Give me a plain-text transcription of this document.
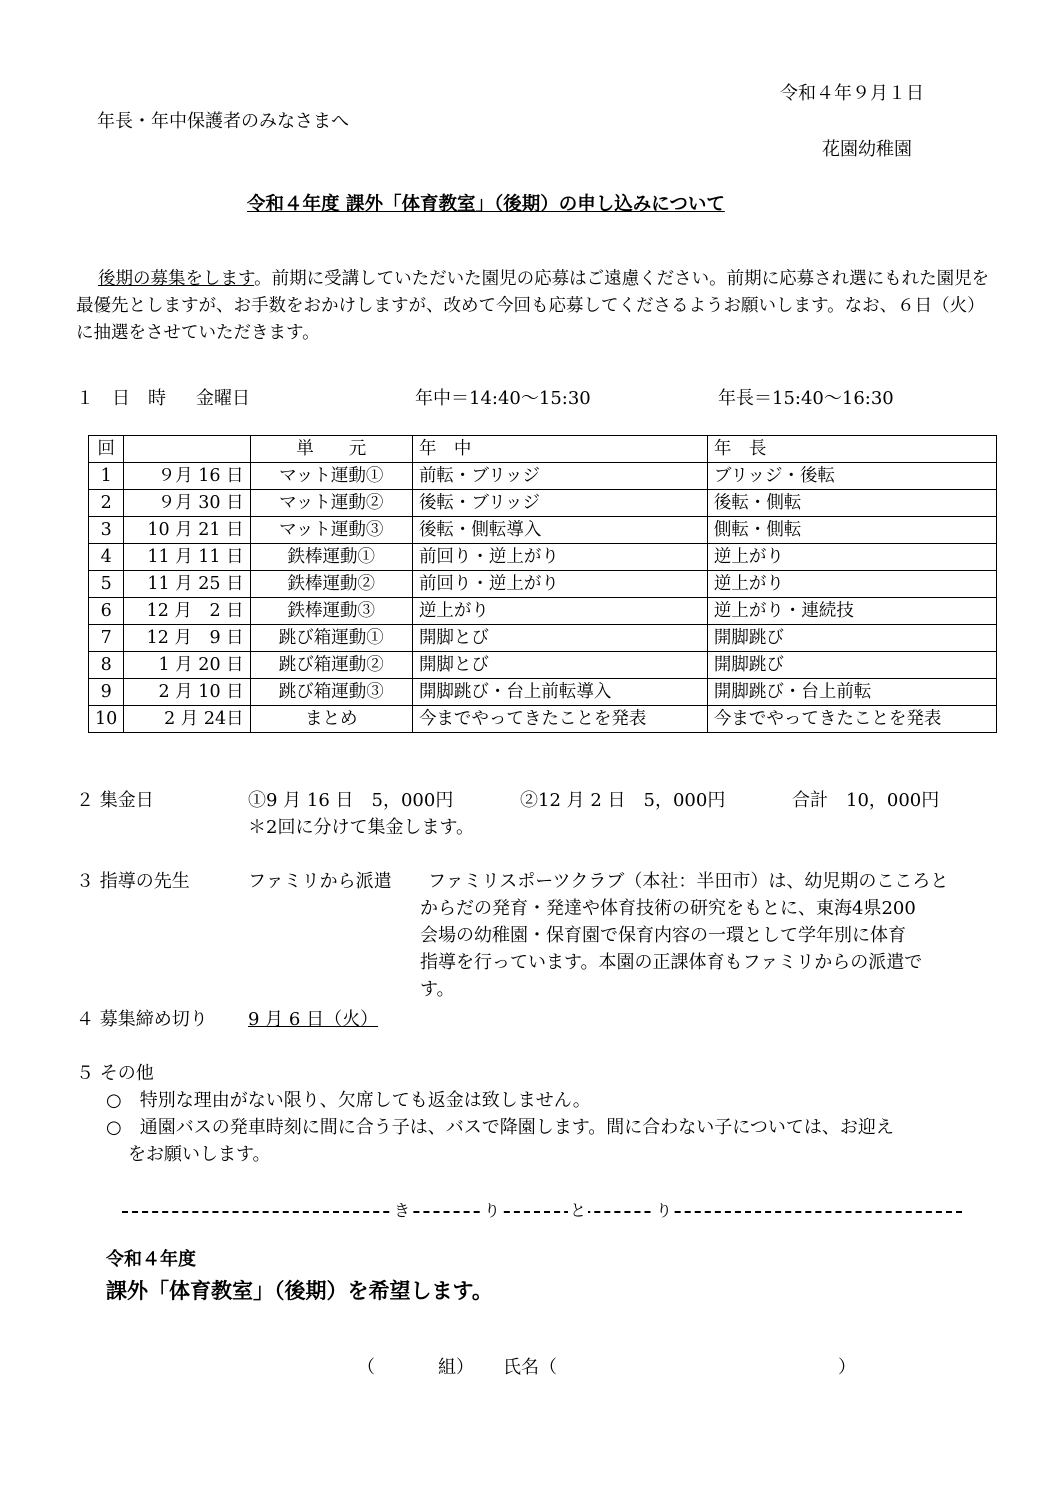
令和４年９月１日
年長・年中保護者のみなさまへ
花園幼稚園
令和４年度 課外「体育教室」（後期）の申し込みについて
後期の募集をします。前期に受講していただいた園児の応募はご遠慮ください。前期に応募され選にもれた園児を最優先としますが、お手数をおかけしますが、改めて今回も応募してくださるようお願いします。なお、６日（火）に抽選をさせていただきます。
１　日　時 金曜日	年中＝14:40～15:30	年長＝15:40～16:30
回		単　　元	年　中	年　長
1	９月 16 日	マット運動①	前転・ブリッジ	ブリッジ・後転
2	９月 30 日	マット運動②	後転・ブリッジ	後転・側転
3	10 月 21 日	マット運動③	後転・側転導入	側転・側転
4	11 月 11 日	鉄棒運動①	前回り・逆上がり	逆上がり
5	11 月 25 日	鉄棒運動②	前回り・逆上がり	逆上がり
6	12 月　2 日	鉄棒運動③	逆上がり	逆上がり・連続技
7	12 月　9 日	跳び箱運動①	開脚とび	開脚跳び
8	1 月 20 日	跳び箱運動②	開脚とび	開脚跳び
9	2 月 10 日	跳び箱運動③	開脚跳び・台上前転導入	開脚跳び・台上前転
10	2 月 24日	まとめ	今までやってきたことを発表	今までやってきたことを発表
２ 集金日	①9 月 16 日　5，000円	②12 月 2 日　5，000円	合計　10，000円
＊2回に分けて集金します。
３ 指導の先生	ファミリから派遣 ファミリスポーツクラブ（本社：半田市）は、幼児期のこころと
からだの発育・発達や体育技術の研究をもとに、東海4県200
会場の幼稚園・保育園で保育内容の一環として学年別に体育
指導を行っています。本園の正課体育もファミリからの派遣で
す。
４ 募集締め切り 9 月 6 日（火）
５ その他
○　特別な理由がない限り、欠席しても返金は致しません。
○　通園バスの発車時刻に間に合う子は、バスで降園します。間に合わない子については、お迎え
をお願いします。
き	り	と	り
令和４年度
課外「体育教室」（後期）を希望します。
（	組） 氏名（	）
